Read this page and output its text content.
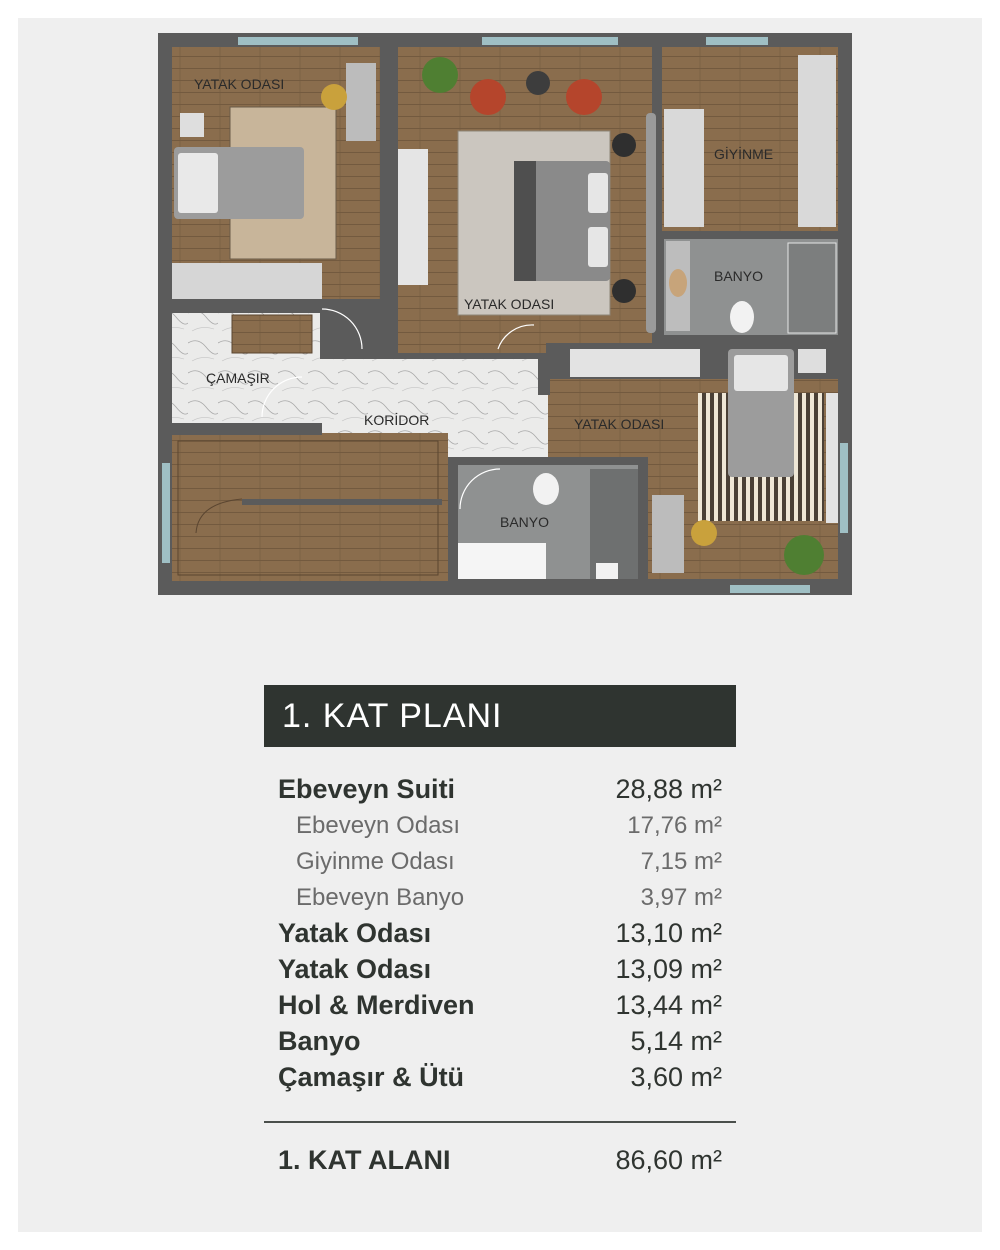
YATAK ODASI
YATAK ODASI
GİYİNME
BANYO
ÇAMAŞIR
KORİDOR	YATAK ODASI
BANYO
1. KAT PLANI
Ebeveyn Suiti	28,88 m²
Ebeveyn Odası	17,76 m²
Giyinme Odası	7,15 m²
Ebeveyn Banyo	3,97 m²
Yatak Odası	13,10 m²
Yatak Odası	13,09 m²
Hol & Merdiven	13,44 m²
Banyo	5,14 m²
Çamaşır & Ütü	3,60 m²
1. KAT ALANI	86,60 m²
